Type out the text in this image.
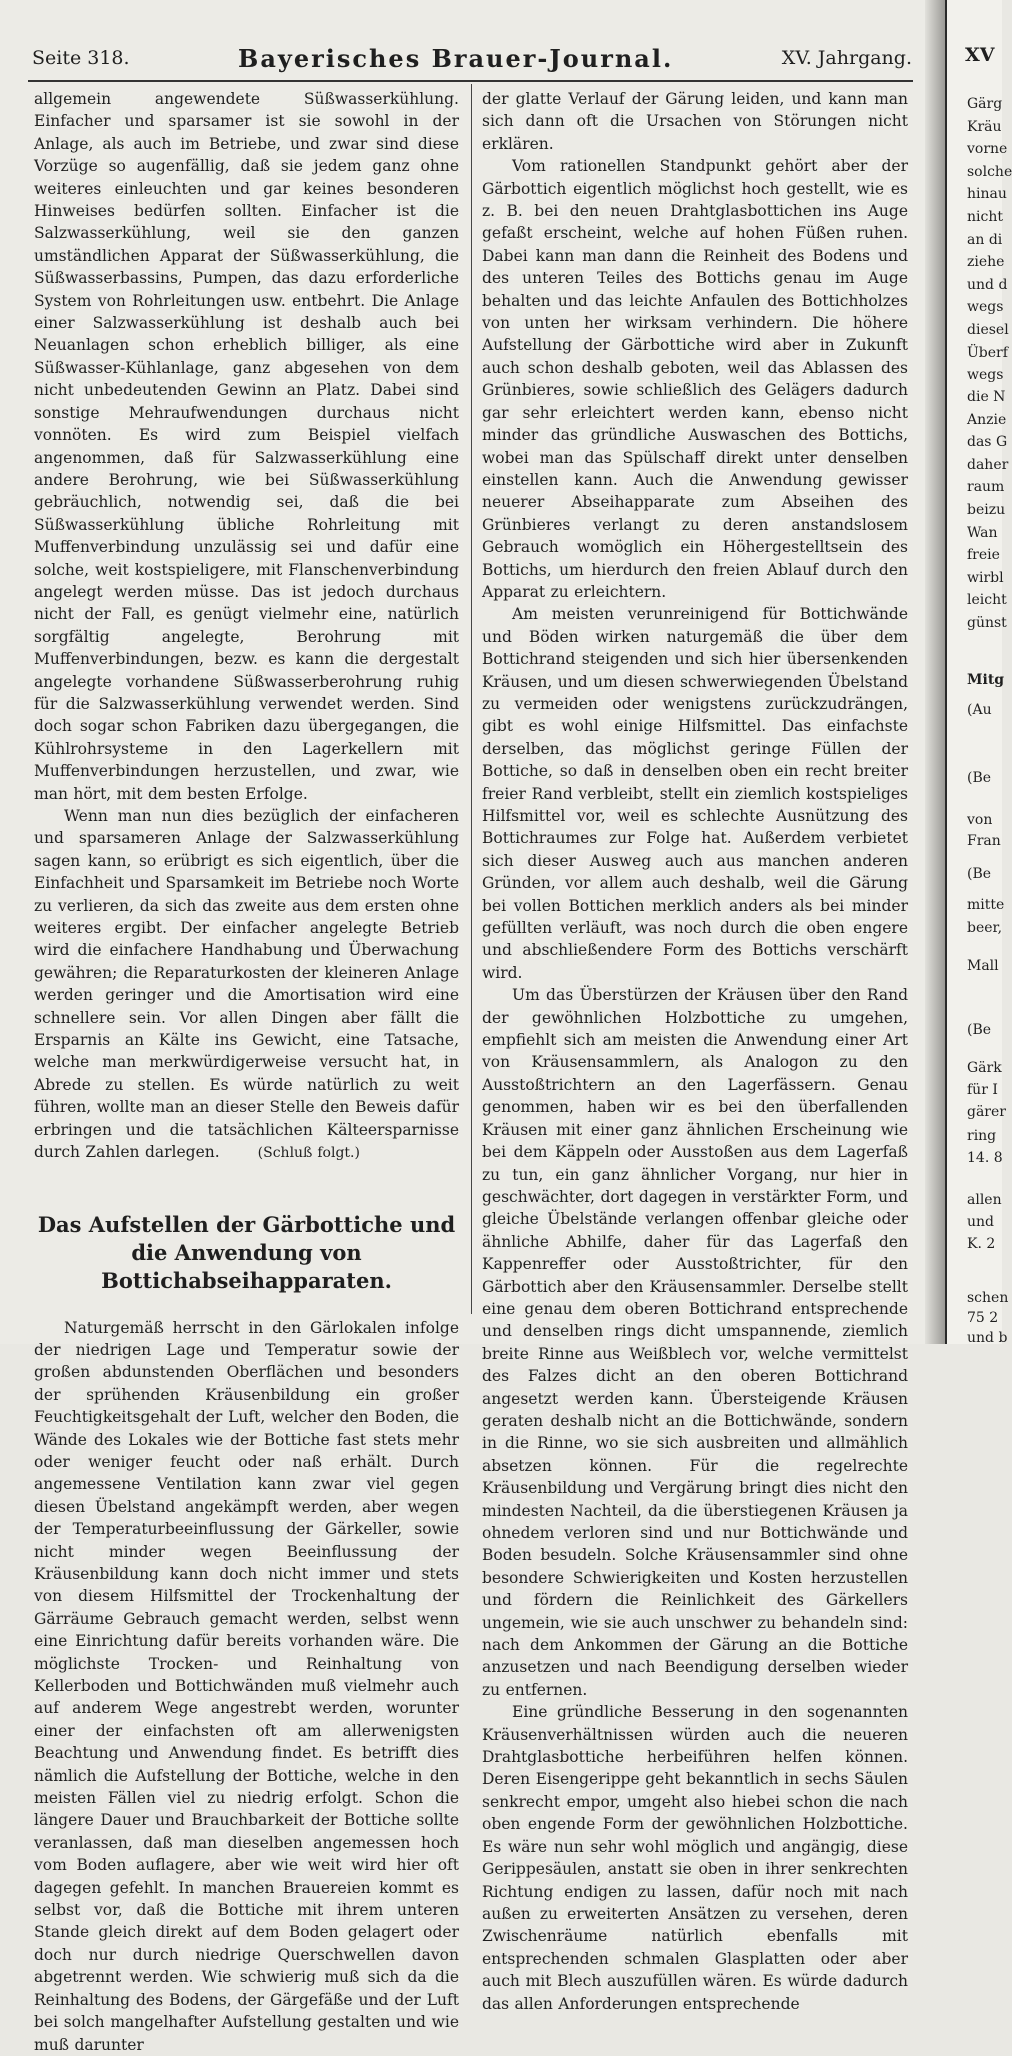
Seite 318.	Bayerisches Brauer-Journal.	XV. Jahrgang.

allgemein angewendete Süßwasserkühlung. Einfacher und sparsamer ist sie sowohl in der Anlage, als auch im Betriebe, und zwar sind diese Vorzüge so augenfällig, daß sie jedem ganz ohne weiteres einleuchten und gar keines besonderen Hinweises bedürfen sollten. Einfacher ist die Salzwasserkühlung, weil sie den ganzen umständlichen Apparat der Süßwasserkühlung, die Süßwasserbassins, Pumpen, das dazu erforderliche System von Rohrleitungen usw. entbehrt. Die Anlage einer Salzwasserkühlung ist deshalb auch bei Neuanlagen schon erheblich billiger, als eine Süßwasser-Kühlanlage, ganz abgesehen von dem nicht unbedeutenden Gewinn an Platz. Dabei sind sonstige Mehraufwendungen durchaus nicht vonnöten. Es wird zum Beispiel vielfach angenommen, daß für Salzwasserkühlung eine andere Berohrung, wie bei Süßwasserkühlung gebräuchlich, notwendig sei, daß die bei Süßwasserkühlung übliche Rohrleitung mit Muffenverbindung unzulässig sei und dafür eine solche, weit kostspieligere, mit Flanschenverbindung angelegt werden müsse. Das ist jedoch durchaus nicht der Fall, es genügt vielmehr eine, natürlich sorgfältig angelegte, Berohrung mit Muffenverbindungen, bezw. es kann die dergestalt angelegte vorhandene Süßwasserberohrung ruhig für die Salzwasserkühlung verwendet werden. Sind doch sogar schon Fabriken dazu übergegangen, die Kühlrohrsysteme in den Lagerkellern mit Muffenverbindungen herzustellen, und zwar, wie man hört, mit dem besten Erfolge.

Wenn man nun dies bezüglich der einfacheren und sparsameren Anlage der Salzwasserkühlung sagen kann, so erübrigt es sich eigentlich, über die Einfachheit und Sparsamkeit im Betriebe noch Worte zu verlieren, da sich das zweite aus dem ersten ohne weiteres ergibt. Der einfacher angelegte Betrieb wird die einfachere Handhabung und Überwachung gewähren; die Reparaturkosten der kleineren Anlage werden geringer und die Amortisation wird eine schnellere sein. Vor allen Dingen aber fällt die Ersparnis an Kälte ins Gewicht, eine Tatsache, welche man merkwürdigerweise versucht hat, in Abrede zu stellen. Es würde natürlich zu weit führen, wollte man an dieser Stelle den Beweis dafür erbringen und die tatsächlichen Kälteersparnisse durch Zahlen darlegen.	(Schluß folgt.)

Das Aufstellen der Gärbottiche und die Anwendung von Bottichabseihapparaten.

Naturgemäß herrscht in den Gärlokalen infolge der niedrigen Lage und Temperatur sowie der großen abdunstenden Oberflächen und besonders der sprühenden Kräusenbildung ein großer Feuchtigkeitsgehalt der Luft, welcher den Boden, die Wände des Lokales wie der Bottiche fast stets mehr oder weniger feucht oder naß erhält. Durch angemessene Ventilation kann zwar viel gegen diesen Übelstand angekämpft werden, aber wegen der Temperaturbeeinflussung der Gärkeller, sowie nicht minder wegen Beeinflussung der Kräusenbildung kann doch nicht immer und stets von diesem Hilfsmittel der Trockenhaltung der Gärräume Gebrauch gemacht werden, selbst wenn eine Einrichtung dafür bereits vorhanden wäre. Die möglichste Trocken- und Reinhaltung von Kellerboden und Bottichwänden muß vielmehr auch auf anderem Wege angestrebt werden, worunter einer der einfachsten oft am allerwenigsten Beachtung und Anwendung findet. Es betrifft dies nämlich die Aufstellung der Bottiche, welche in den meisten Fällen viel zu niedrig erfolgt. Schon die längere Dauer und Brauchbarkeit der Bottiche sollte veranlassen, daß man dieselben angemessen hoch vom Boden auflagere, aber wie weit wird hier oft dagegen gefehlt. In manchen Brauereien kommt es selbst vor, daß die Bottiche mit ihrem unteren Stande gleich direkt auf dem Boden gelagert oder doch nur durch niedrige Querschwellen davon abgetrennt werden. Wie schwierig muß sich da die Reinhaltung des Bodens, der Gärgefäße und der Luft bei solch mangelhafter Aufstellung gestalten und wie muß darunter

der glatte Verlauf der Gärung leiden, und kann man sich dann oft die Ursachen von Störungen nicht erklären.

Vom rationellen Standpunkt gehört aber der Gärbottich eigentlich möglichst hoch gestellt, wie es z. B. bei den neuen Drahtglasbottichen ins Auge gefaßt erscheint, welche auf hohen Füßen ruhen. Dabei kann man dann die Reinheit des Bodens und des unteren Teiles des Bottichs genau im Auge behalten und das leichte Anfaulen des Bottichholzes von unten her wirksam verhindern. Die höhere Aufstellung der Gärbottiche wird aber in Zukunft auch schon deshalb geboten, weil das Ablassen des Grünbieres, sowie schließlich des Gelägers dadurch gar sehr erleichtert werden kann, ebenso nicht minder das gründliche Auswaschen des Bottichs, wobei man das Spülschaff direkt unter denselben einstellen kann. Auch die Anwendung gewisser neuerer Abseihapparate zum Abseihen des Grünbieres verlangt zu deren anstandslosem Gebrauch womöglich ein Höhergestelltsein des Bottichs, um hierdurch den freien Ablauf durch den Apparat zu erleichtern.

Am meisten verunreinigend für Bottichwände und Böden wirken naturgemäß die über dem Bottichrand steigenden und sich hier übersenkenden Kräusen, und um diesen schwerwiegenden Übelstand zu vermeiden oder wenigstens zurückzudrängen, gibt es wohl einige Hilfsmittel. Das einfachste derselben, das möglichst geringe Füllen der Bottiche, so daß in denselben oben ein recht breiter freier Rand verbleibt, stellt ein ziemlich kostspieliges Hilfsmittel vor, weil es schlechte Ausnützung des Bottichraumes zur Folge hat. Außerdem verbietet sich dieser Ausweg auch aus manchen anderen Gründen, vor allem auch deshalb, weil die Gärung bei vollen Bottichen merklich anders als bei minder gefüllten verläuft, was noch durch die oben engere und abschließendere Form des Bottichs verschärft wird.

Um das Überstürzen der Kräusen über den Rand der gewöhnlichen Holzbottiche zu umgehen, empfiehlt sich am meisten die Anwendung einer Art von Kräusensammlern, als Analogon zu den Ausstoßtrichtern an den Lagerfässern. Genau genommen, haben wir es bei den überfallenden Kräusen mit einer ganz ähnlichen Erscheinung wie bei dem Käppeln oder Ausstoßen aus dem Lagerfaß zu tun, ein ganz ähnlicher Vorgang, nur hier in geschwächter, dort dagegen in verstärkter Form, und gleiche Übelstände verlangen offenbar gleiche oder ähnliche Abhilfe, daher für das Lagerfaß den Kappenreffer oder Ausstoßtrichter, für den Gärbottich aber den Kräusensammler. Derselbe stellt eine genau dem oberen Bottichrand entsprechende und denselben rings dicht umspannende, ziemlich breite Rinne aus Weißblech vor, welche vermittelst des Falzes dicht an den oberen Bottichrand angesetzt werden kann. Übersteigende Kräusen geraten deshalb nicht an die Bottichwände, sondern in die Rinne, wo sie sich ausbreiten und allmählich absetzen können. Für die regelrechte Kräusenbildung und Vergärung bringt dies nicht den mindesten Nachteil, da die überstiegenen Kräusen ja ohnedem verloren sind und nur Bottichwände und Boden besudeln. Solche Kräusensammler sind ohne besondere Schwierigkeiten und Kosten herzustellen und fördern die Reinlichkeit des Gärkellers ungemein, wie sie auch unschwer zu behandeln sind: nach dem Ankommen der Gärung an die Bottiche anzusetzen und nach Beendigung derselben wieder zu entfernen.

Eine gründliche Besserung in den sogenannten Kräusenverhältnissen würden auch die neueren Drahtglasbottiche herbeiführen helfen können. Deren Eisengerippe geht bekanntlich in sechs Säulen senkrecht empor, umgeht also hiebei schon die nach oben engende Form der gewöhnlichen Holzbottiche. Es wäre nun sehr wohl möglich und angängig, diese Gerippesäulen, anstatt sie oben in ihrer senkrechten Richtung endigen zu lassen, dafür noch mit nach außen zu erweiterten Ansätzen zu versehen, deren Zwischenräume natürlich ebenfalls mit entsprechenden schmalen Glasplatten oder aber auch mit Blech auszufüllen wären. Es würde dadurch das allen Anforderungen entsprechende

XV
Gärg
Kräu
vorne
solche
hinau
nicht
an di
ziehe
und d
wegs
diesel
Überf
wegs
die N
Anzie
das G
daher
raum
beizu
Wan
freie
wirbl
leicht
günst
Mitg
(Au
(Be
von
Fran
(Be
mitte
beer,
Mall
(Be
Gärk
für I
gärer
ring
14. 8
allen
und
K. 2
schen
75 2
und b
